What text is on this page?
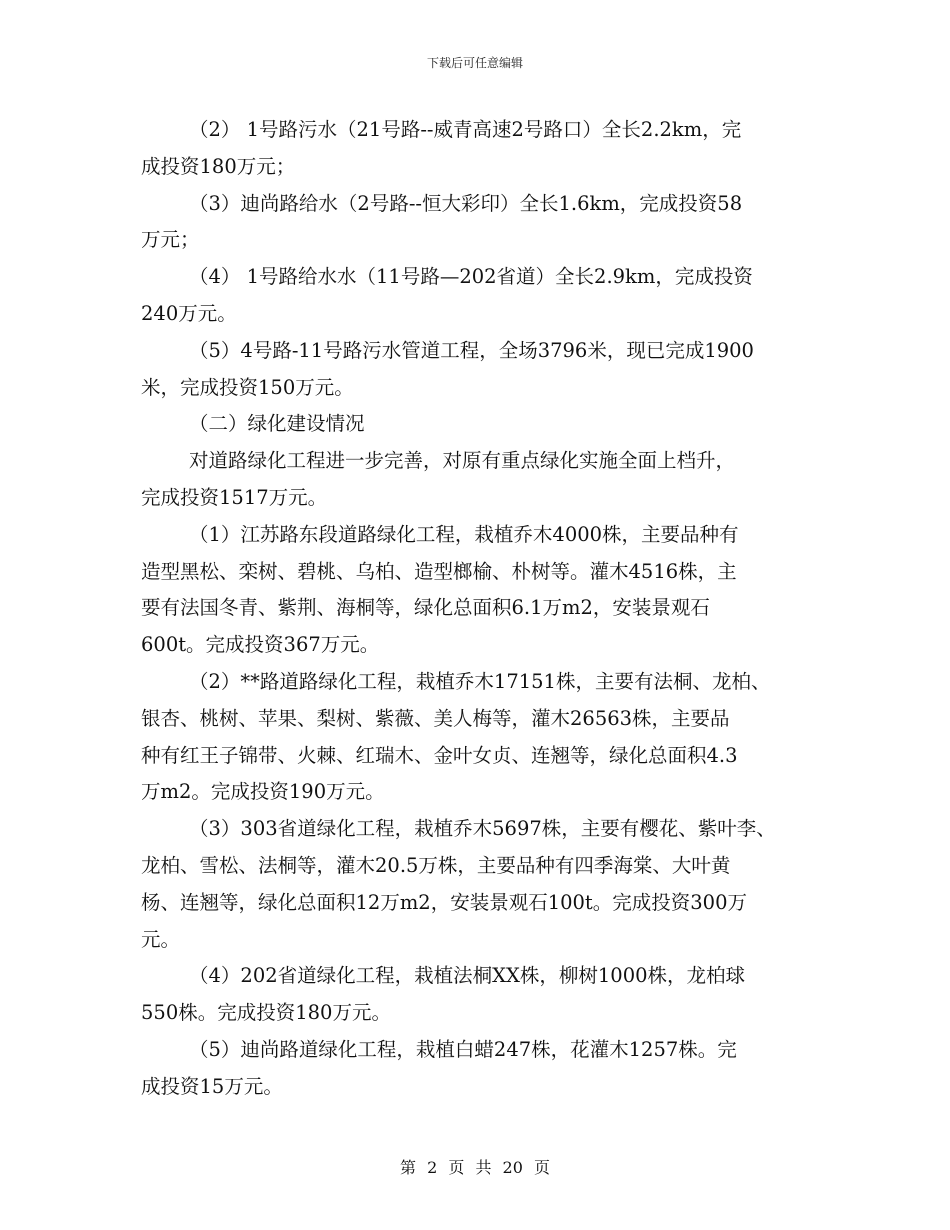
下载后可任意编辑
（2） 1号路污水（21号路--威青高速2号路口）全长2.2km，完
成投资180万元；
（3）迪尚路给水（2号路--恒大彩印）全长1.6km，完成投资58
万元；
（4） 1号路给水水（11号路—202省道）全长2.9km，完成投资
240万元。
（5）4号路-11号路污水管道工程，全场3796米，现已完成1900
米，完成投资150万元。
（二）绿化建设情况
对道路绿化工程进一步完善，对原有重点绿化实施全面上档升，
完成投资1517万元。
（1）江苏路东段道路绿化工程，栽植乔木4000株，主要品种有
造型黑松、栾树、碧桃、乌柏、造型榔榆、朴树等。灌木4516株，主
要有法国冬青、紫荆、海桐等，绿化总面积6.1万m2，安装景观石
600t。完成投资367万元。
（2）**路道路绿化工程，栽植乔木17151株，主要有法桐、龙柏、
银杏、桃树、苹果、梨树、紫薇、美人梅等，灌木26563株，主要品
种有红王子锦带、火棘、红瑞木、金叶女贞、连翘等，绿化总面积4.3
万m2。完成投资190万元。
（3）303省道绿化工程，栽植乔木5697株，主要有樱花、紫叶李、
龙柏、雪松、法桐等，灌木20.5万株，主要品种有四季海棠、大叶黄
杨、连翘等，绿化总面积12万m2，安装景观石100t。完成投资300万
元。
（4）202省道绿化工程，栽植法桐XX株，柳树1000株，龙柏球
550株。完成投资180万元。
（5）迪尚路道绿化工程，栽植白蜡247株，花灌木1257株。完
成投资15万元。
第 2 页 共 20 页
